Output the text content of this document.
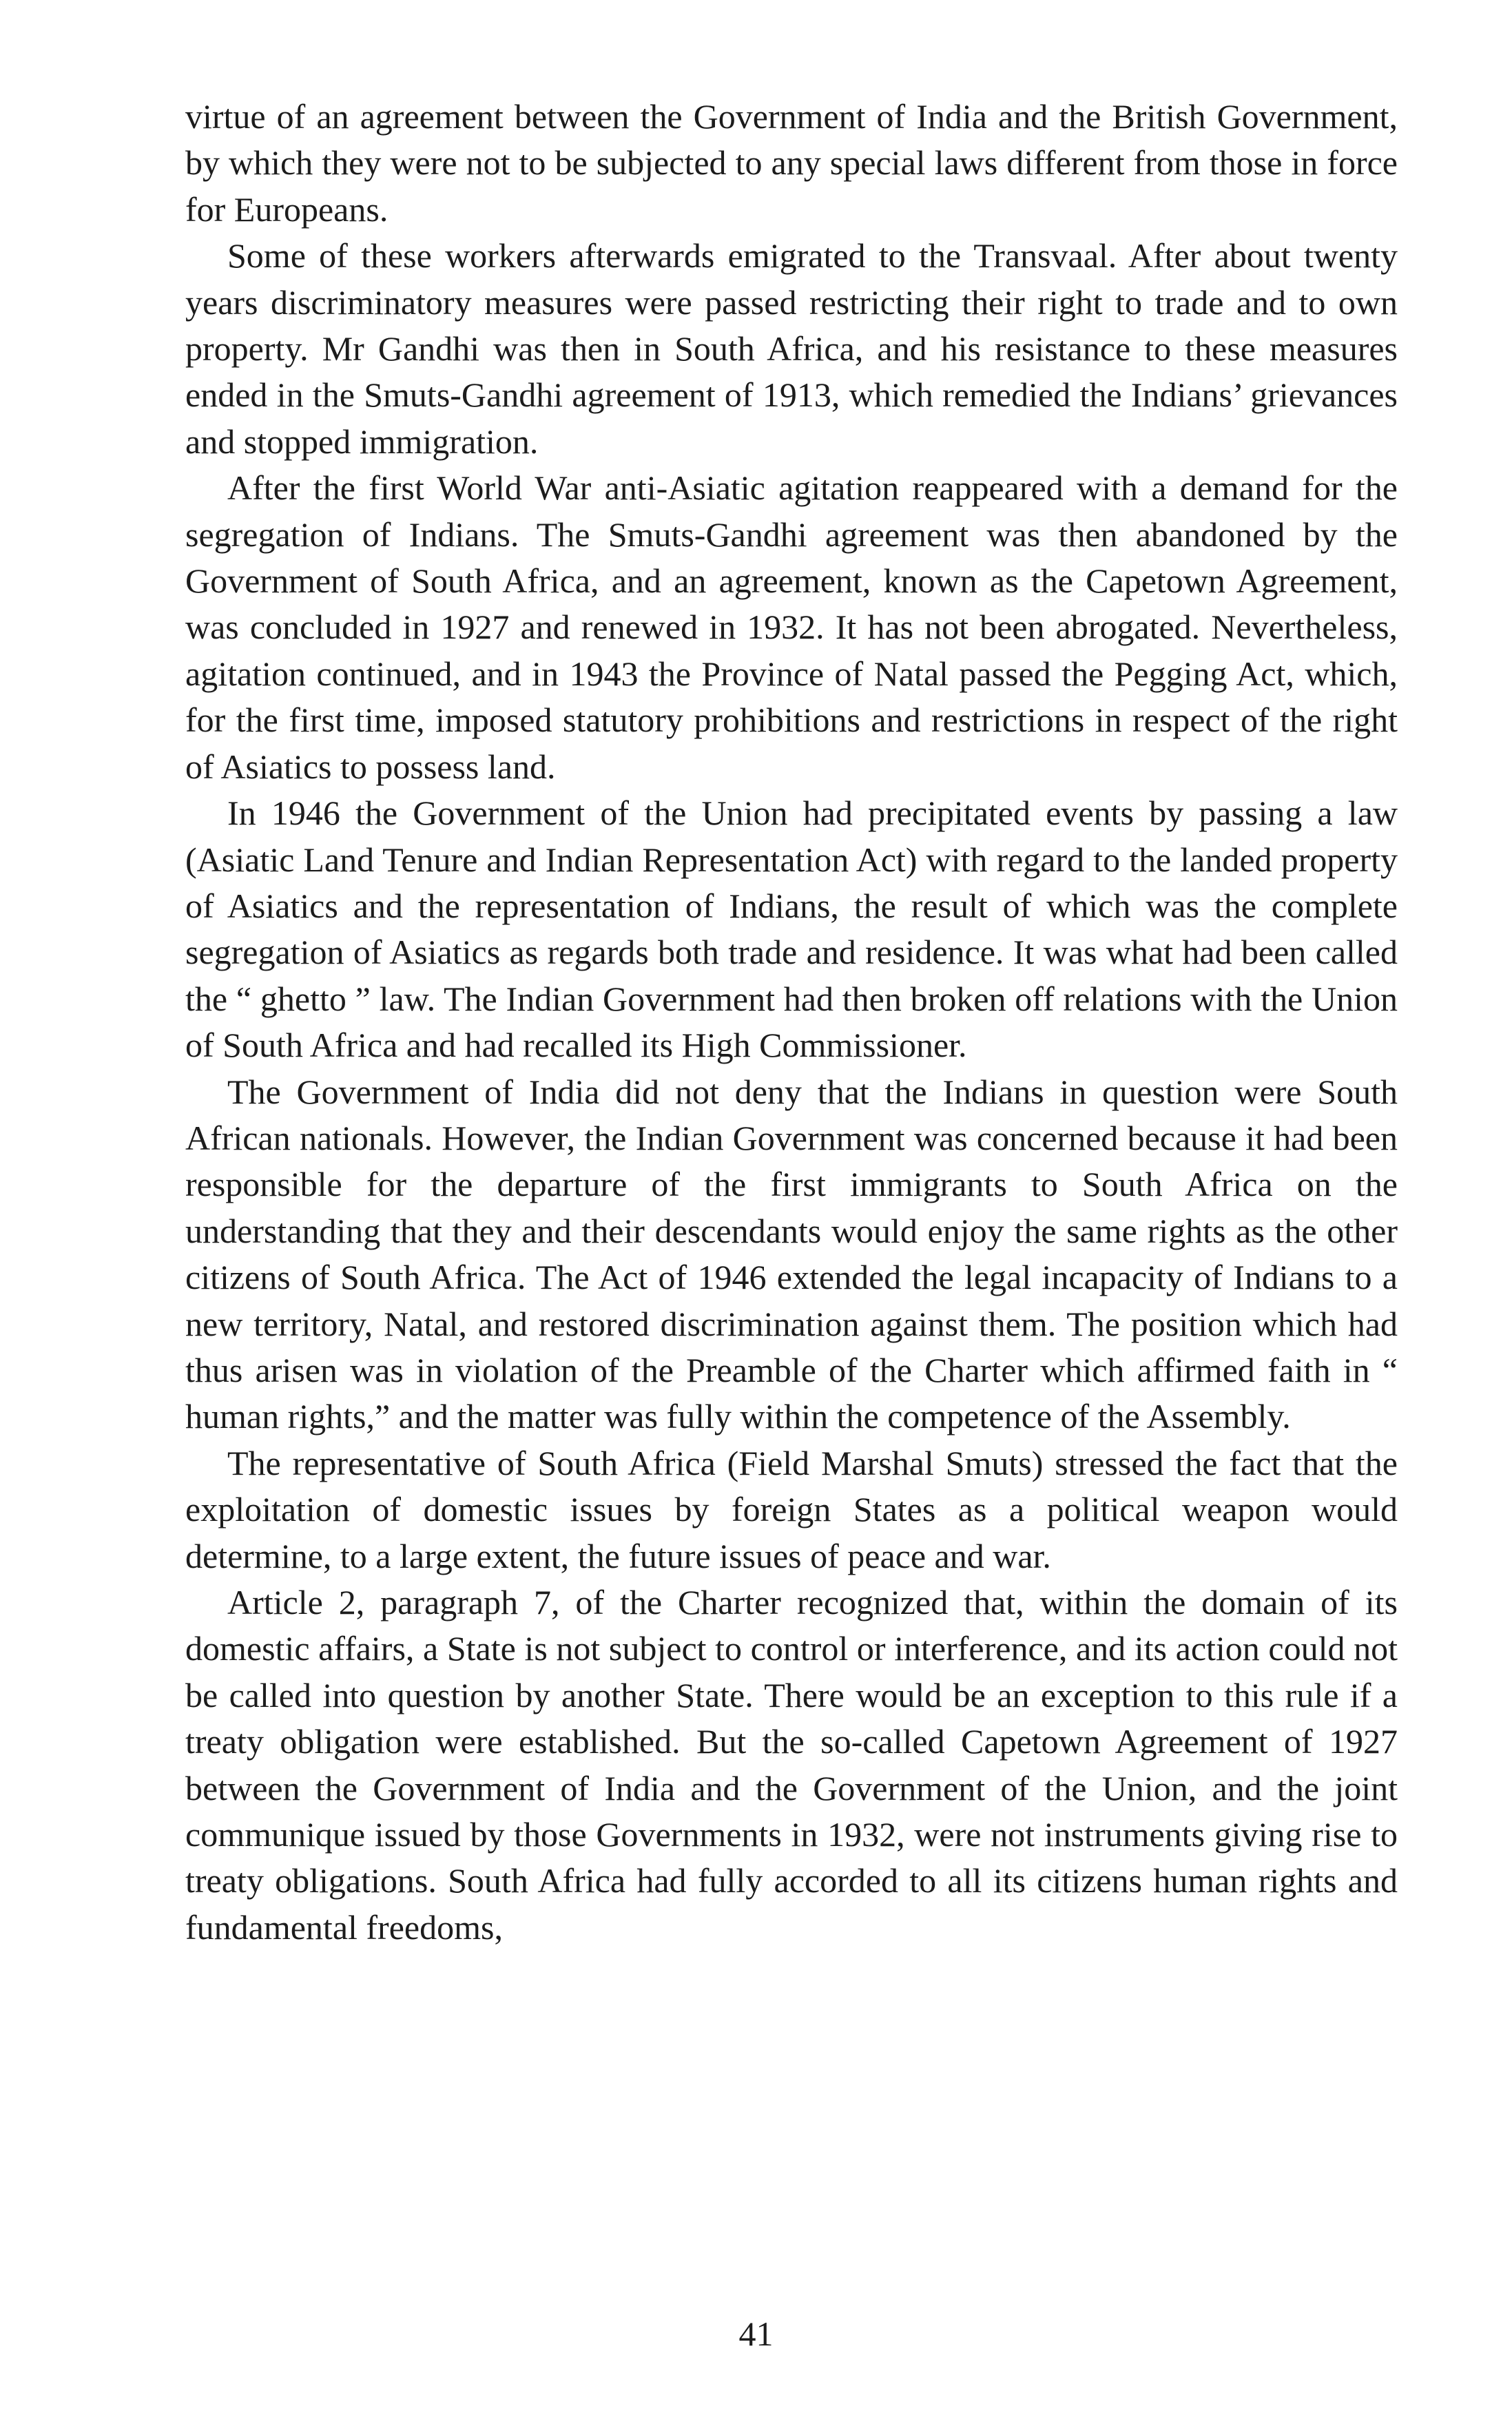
virtue of an agreement between the Government of India and the British Government, by which they were not to be subjected to any special laws different from those in force for Europeans.

Some of these workers afterwards emigrated to the Transvaal. After about twenty years discriminatory measures were passed restricting their right to trade and to own property. Mr Gandhi was then in South Africa, and his resistance to these measures ended in the Smuts-Gandhi agreement of 1913, which remedied the Indians’ grievances and stopped immigration.

After the first World War anti-Asiatic agitation reappeared with a demand for the segregation of Indians. The Smuts-Gandhi agreement was then abandoned by the Government of South Africa, and an agreement, known as the Capetown Agreement, was concluded in 1927 and renewed in 1932. It has not been abrogated. Nevertheless, agitation continued, and in 1943 the Province of Natal passed the Pegging Act, which, for the first time, imposed statutory prohibitions and restrictions in respect of the right of Asiatics to possess land.

In 1946 the Government of the Union had precipitated events by passing a law (Asiatic Land Tenure and Indian Representation Act) with regard to the landed property of Asiatics and the representation of Indians, the result of which was the complete segregation of Asiatics as regards both trade and residence. It was what had been called the “ ghetto ” law. The Indian Government had then broken off relations with the Union of South Africa and had recalled its High Commissioner.

The Government of India did not deny that the Indians in question were South African nationals. However, the Indian Government was concerned because it had been responsible for the departure of the first immigrants to South Africa on the understanding that they and their descendants would enjoy the same rights as the other citizens of South Africa. The Act of 1946 extended the legal incapacity of Indians to a new territory, Natal, and restored discrimination against them. The position which had thus arisen was in violation of the Preamble of the Charter which affirmed faith in “ human rights,” and the matter was fully within the competence of the Assembly.

The representative of South Africa (Field Marshal Smuts) stressed the fact that the exploitation of domestic issues by foreign States as a political weapon would determine, to a large extent, the future issues of peace and war.

Article 2, paragraph 7, of the Charter recognized that, within the domain of its domestic affairs, a State is not subject to control or interference, and its action could not be called into question by another State. There would be an exception to this rule if a treaty obligation were established. But the so-called Capetown Agreement of 1927 between the Government of India and the Government of the Union, and the joint communique issued by those Governments in 1932, were not instruments giving rise to treaty obligations. South Africa had fully accorded to all its citizens human rights and fundamental freedoms,

41
